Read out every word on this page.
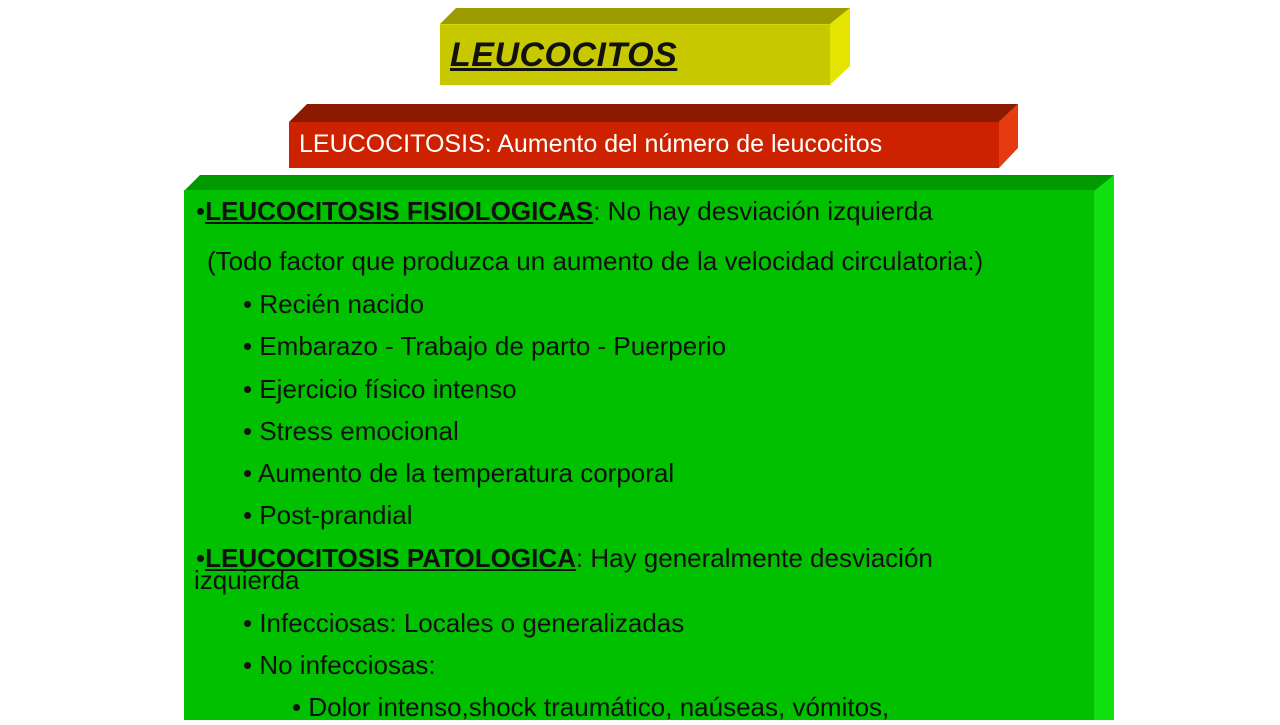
LEUCOCITOS
LEUCOCITOSIS: Aumento del número de leucocitos
•LEUCOCITOSIS FISIOLOGICAS: No hay desviación izquierda
(Todo factor que produzca un aumento de la velocidad circulatoria:)
• Recién nacido
• Embarazo - Trabajo de parto - Puerperio
• Ejercicio físico intenso
• Stress emocional
• Aumento de la temperatura corporal
• Post-prandial
•LEUCOCITOSIS PATOLOGICA: Hay generalmente desviación
izquierda
• Infecciosas: Locales o generalizadas
• No infecciosas:
• Dolor intenso,shock traumático, naúseas, vómitos,
